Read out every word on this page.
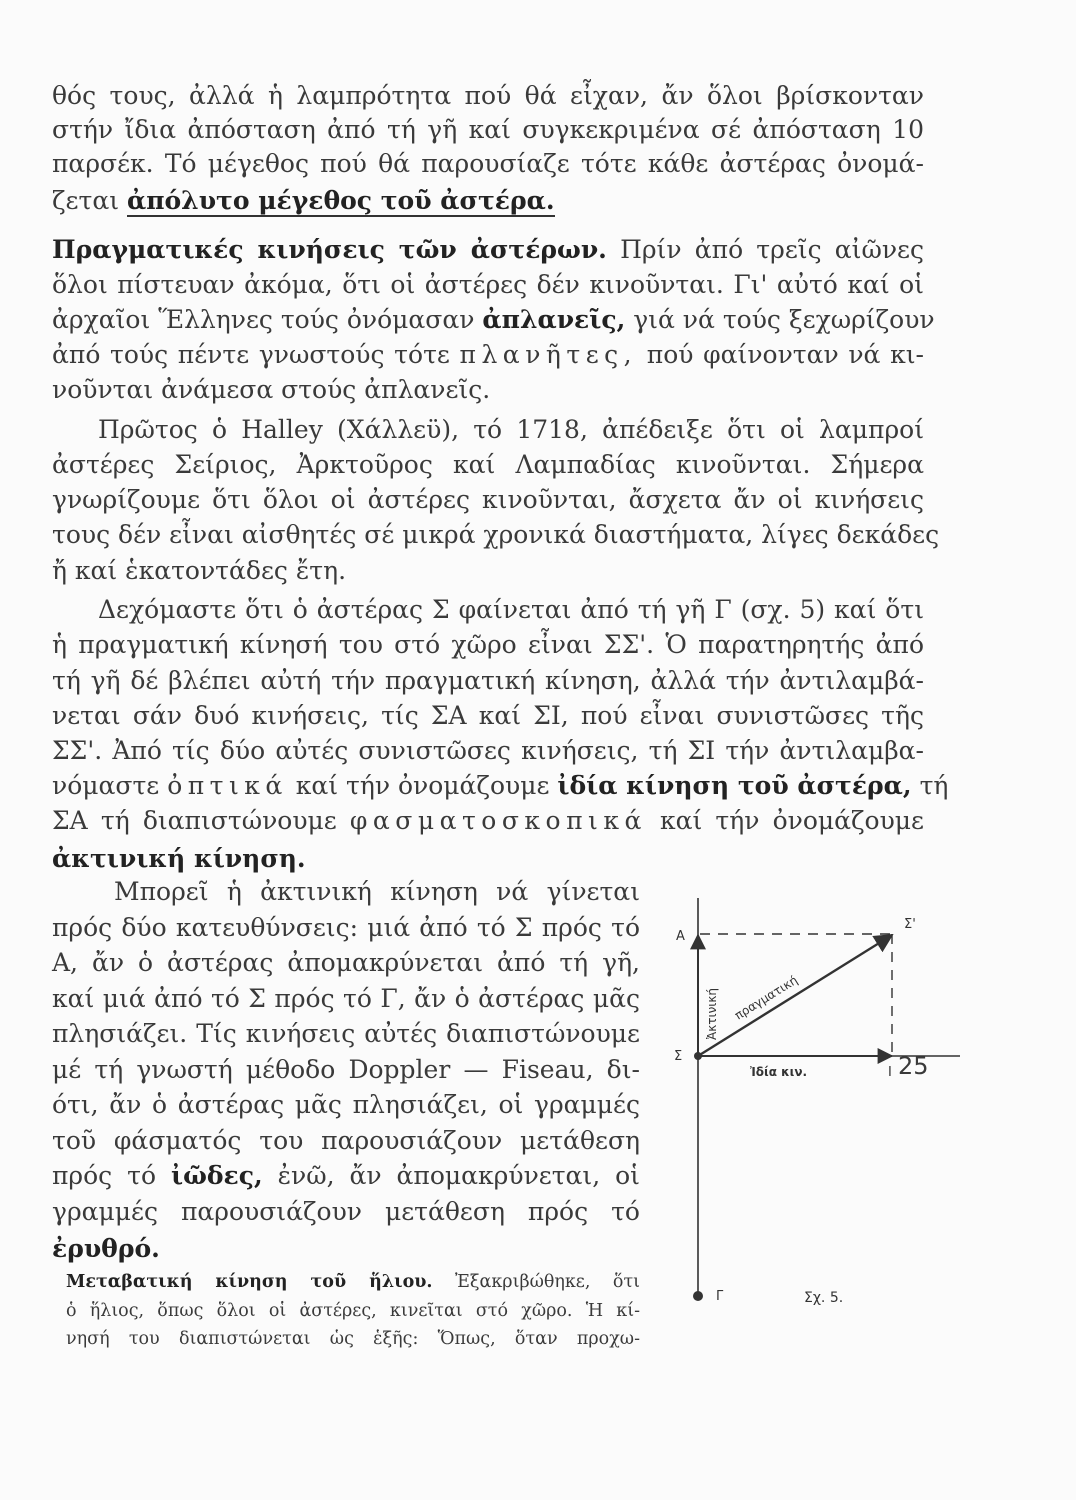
θός τους, ἀλλά ἡ λαμπρότητα πού θά εἶχαν, ἄν ὅλοι βρίσκονταν
στήν ἴδια ἀπόσταση ἀπό τή γῆ καί συγκεκριμένα σέ ἀπόσταση 10
παρσέκ. Τό μέγεθος πού θά παρουσίαζε τότε κάθε ἀστέρας ὀνομά-
ζεται ἀπόλυτο μέγεθος τοῦ ἀστέρα.
Πραγματικές κινήσεις τῶν ἀστέρων. Πρίν ἀπό τρεῖς αἰῶνες
ὅλοι πίστευαν ἀκόμα, ὅτι οἱ ἀστέρες δέν κινοῦνται. Γι' αὐτό καί οἱ
ἀρχαῖοι Ἕλληνες τούς ὀνόμασαν ἀπλανεῖς, γιά νά τούς ξεχωρίζουν
ἀπό τούς πέντε γνωστούς τότε πλανῆτες, πού φαίνονταν νά κι-
νοῦνται ἀνάμεσα στούς ἀπλανεῖς.
Πρῶτος ὁ Halley (Χάλλεϋ), τό 1718, ἀπέδειξε ὅτι οἱ λαμπροί
ἀστέρες Σείριος, Ἀρκτοῦρος καί Λαμπαδίας κινοῦνται. Σήμερα
γνωρίζουμε ὅτι ὅλοι οἱ ἀστέρες κινοῦνται, ἄσχετα ἄν οἱ κινήσεις
τους δέν εἶναι αἰσθητές σέ μικρά χρονικά διαστήματα, λίγες δεκάδες
ἤ καί ἑκατοντάδες ἔτη.
Δεχόμαστε ὅτι ὁ ἀστέρας Σ φαίνεται ἀπό τή γῆ Γ (σχ. 5) καί ὅτι
ἡ πραγματική κίνησή του στό χῶρο εἶναι ΣΣ'. Ὁ παρατηρητής ἀπό
τή γῆ δέ βλέπει αὐτή τήν πραγματική κίνηση, ἀλλά τήν ἀντιλαμβά-
νεται σάν δυό κινήσεις, τίς ΣΑ καί ΣΙ, πού εἶναι συνιστῶσες τῆς
ΣΣ'. Ἀπό τίς δύο αὐτές συνιστῶσες κινήσεις, τή ΣΙ τήν ἀντιλαμβα-
νόμαστε ὀπτικά καί τήν ὀνομάζουμε ἰδία κίνηση τοῦ ἀστέρα, τή
ΣΑ τή διαπιστώνουμε φασματοσκοπικά καί τήν ὀνομάζουμε
ἀκτινική κίνηση.
Μπορεῖ ἡ ἀκτινική κίνηση νά γίνεται
πρός δύο κατευθύνσεις: μιά ἀπό τό Σ πρός τό
Α, ἄν ὁ ἀστέρας ἀπομακρύνεται ἀπό τή γῆ,
καί μιά ἀπό τό Σ πρός τό Γ, ἄν ὁ ἀστέρας μᾶς
πλησιάζει. Τίς κινήσεις αὐτές διαπιστώνουμε
μέ τή γνωστή μέθοδο Doppler — Fiseau, δι-
ότι, ἄν ὁ ἀστέρας μᾶς πλησιάζει, οἱ γραμμές
τοῦ φάσματός του παρουσιάζουν μετάθεση
πρός τό ἰῶδες, ἐνῶ, ἄν ἀπομακρύνεται, οἱ
γραμμές παρουσιάζουν μετάθεση πρός τό
ἐρυθρό.
Μεταβατική κίνηση τοῦ ἥλιου. Ἐξακριβώθηκε, ὅτι
ὁ ἥλιος, ὅπως ὅλοι οἱ ἀστέρες, κινεῖται στό χῶρο. Ἡ κί-
νησή του διαπιστώνεται ὡς ἑξῆς: Ὅπως, ὅταν προχω-
Α
Σ
Σ'
Ι
Γ
Ἀκτινική πραγματική
Ἰδία κιν.
Σχ. 5.
25
